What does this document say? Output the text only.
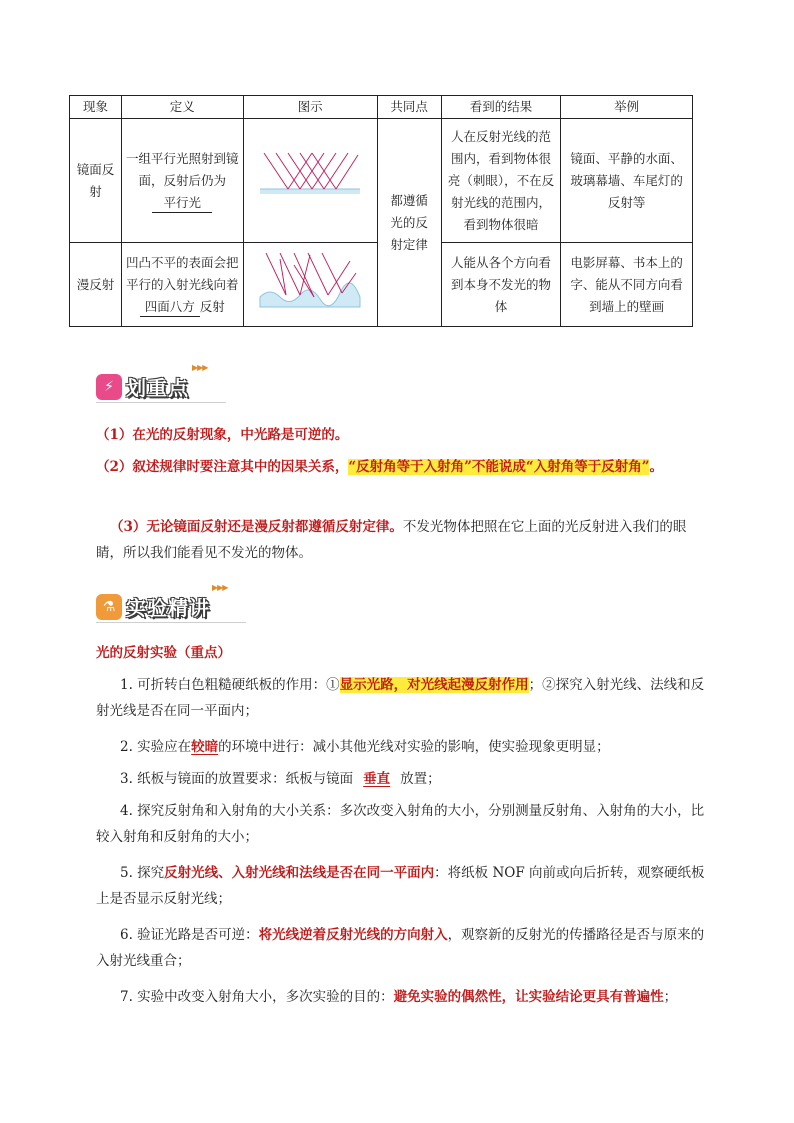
现象	定义	图示	共同点	看到的结果	举例
镜面反射	一组平行光照射到镜面，反射后仍为平行光		都遵循光的反射定律	人在反射光线的范围内，看到物体很亮（刺眼），不在反射光线的范围内，看到物体很暗	镜面、平静的水面、玻璃幕墙、车尾灯的反射等
漫反射	凹凸不平的表面会把平行的入射光线向着四面八方 反射			人能从各个方向看到本身不发光的物体	电影屏幕、书本上的字、能从不同方向看到墙上的壁画
⚡ 划重点
▶▶▶
（1）在光的反射现象，中光路是可逆的。
（2）叙述规律时要注意其中的因果关系，“反射角等于入射角”不能说成“入射角等于反射角”。
（3）无论镜面反射还是漫反射都遵循反射定律。不发光物体把照在它上面的光反射进入我们的眼睛，所以我们能看见不发光的物体。
⚗ 实验精讲
▶▶▶
光的反射实验（重点）
1. 可折转白色粗糙硬纸板的作用：①显示光路，对光线起漫反射作用；②探究入射光线、法线和反射光线是否在同一平面内；
2. 实验应在较暗的环境中进行：减小其他光线对实验的影响，使实验现象更明显；
3. 纸板与镜面的放置要求：纸板与镜面 垂直 放置；
4. 探究反射角和入射角的大小关系：多次改变入射角的大小，分别测量反射角、入射角的大小，比较入射角和反射角的大小；
5. 探究反射光线、入射光线和法线是否在同一平面内：将纸板 NOF 向前或向后折转，观察硬纸板上是否显示反射光线；
6. 验证光路是否可逆：将光线逆着反射光线的方向射入，观察新的反射光的传播路径是否与原来的入射光线重合；
7. 实验中改变入射角大小，多次实验的目的：避免实验的偶然性，让实验结论更具有普遍性；
